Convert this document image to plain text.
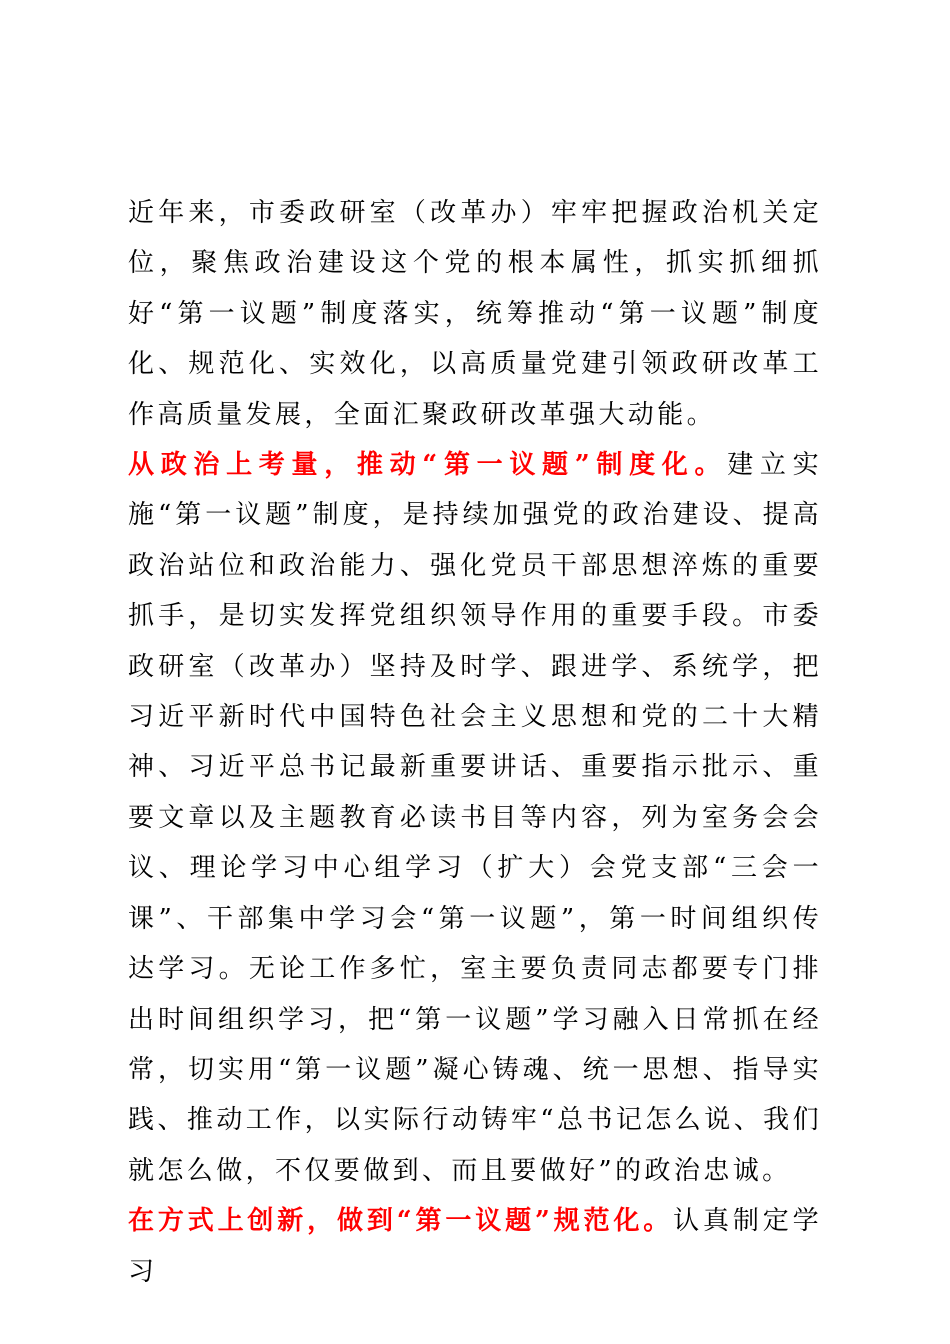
近年来，市委政研室（改革办）牢牢把握政治机关定位，聚焦政治建设这个党的根本属性，抓实抓细抓好“第一议题”制度落实，统筹推动“第一议题”制度化、规范化、实效化，以高质量党建引领政研改革工作高质量发展，全面汇聚政研改革强大动能。

从政治上考量，推动“第一议题”制度化。建立实施“第一议题”制度，是持续加强党的政治建设、提高政治站位和政治能力、强化党员干部思想淬炼的重要抓手，是切实发挥党组织领导作用的重要手段。市委政研室（改革办）坚持及时学、跟进学、系统学，把习近平新时代中国特色社会主义思想和党的二十大精神、习近平总书记最新重要讲话、重要指示批示、重要文章以及主题教育必读书目等内容，列为室务会会议、理论学习中心组学习（扩大）会党支部“三会一课”、干部集中学习会“第一议题”，第一时间组织传达学习。无论工作多忙，室主要负责同志都要专门排出时间组织学习，把“第一议题”学习融入日常抓在经常，切实用“第一议题”凝心铸魂、统一思想、指导实践、推动工作，以实际行动铸牢“总书记怎么说、我们就怎么做，不仅要做到、而且要做好”的政治忠诚。

在方式上创新，做到“第一议题”规范化。认真制定学习
